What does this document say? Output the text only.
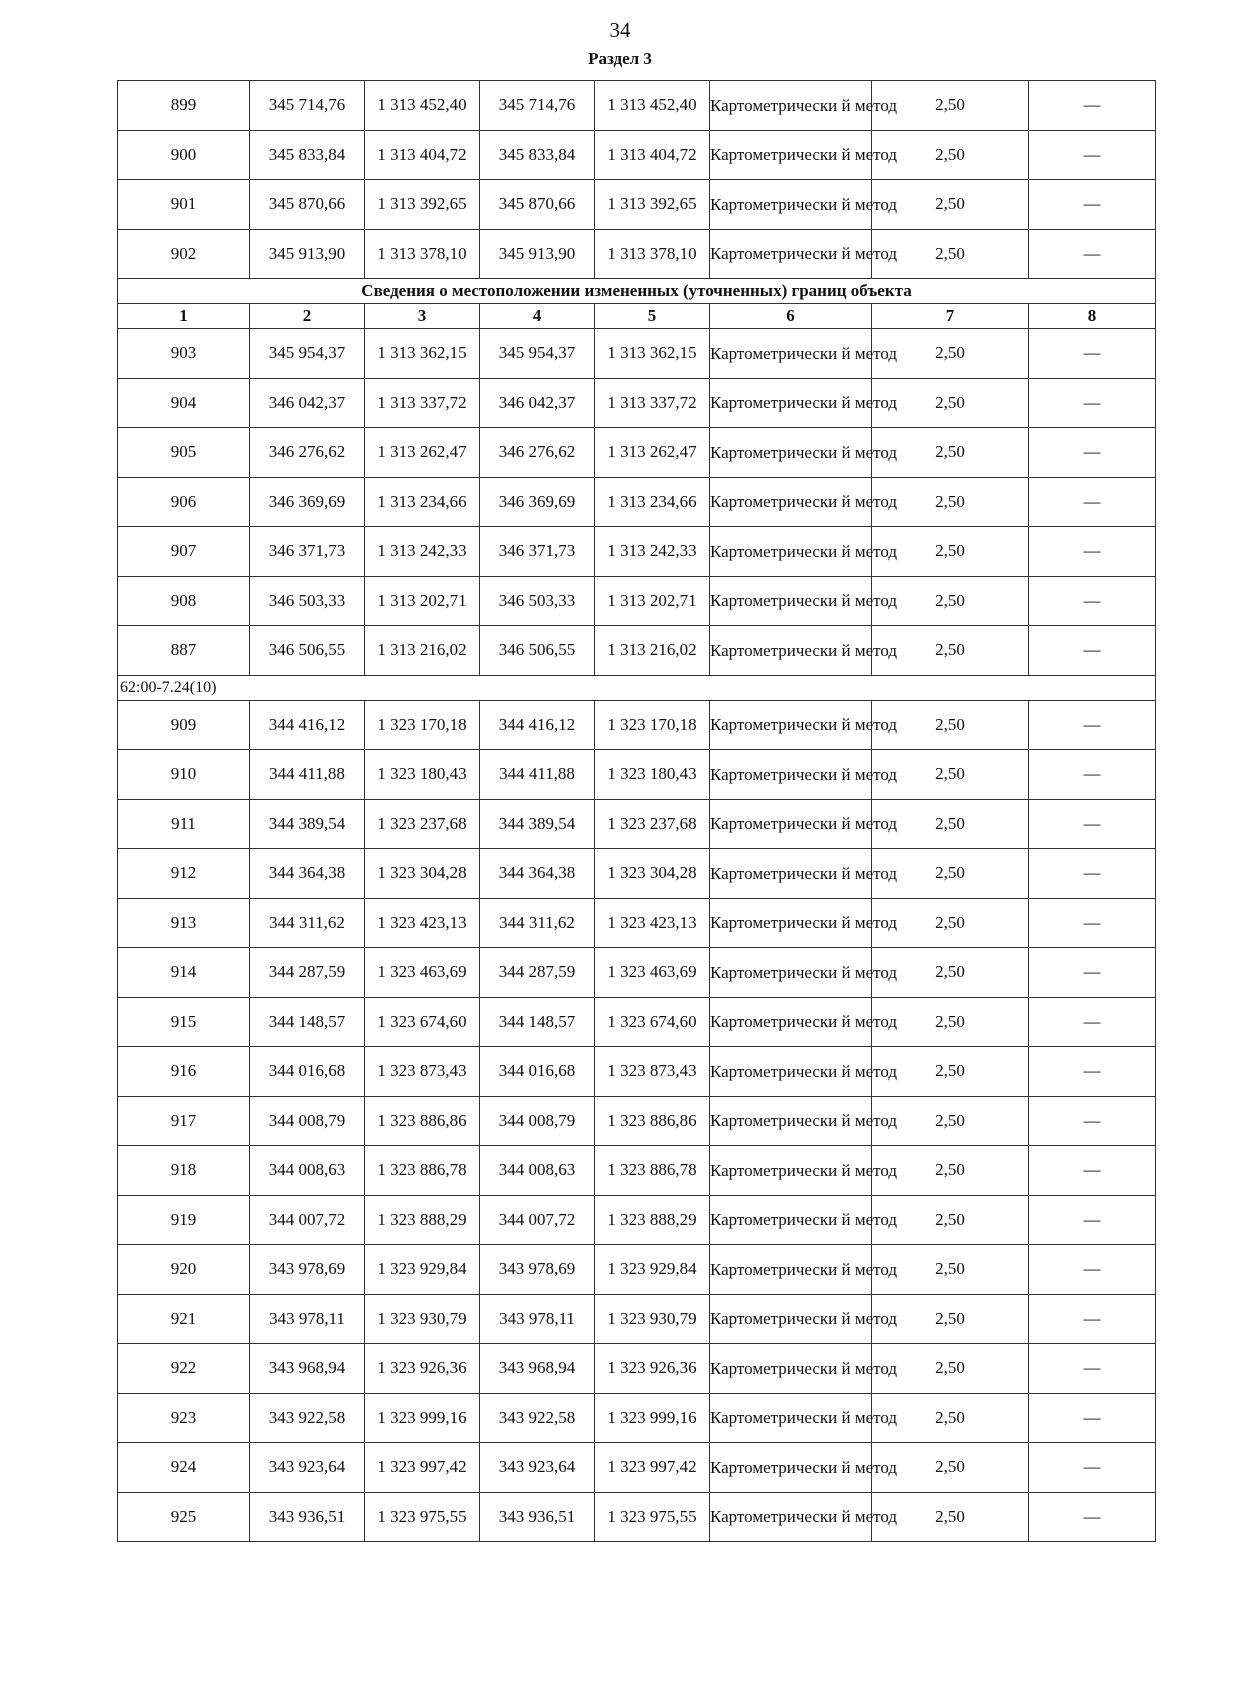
34
Раздел 3
899	345 714,76	1 313 452,40	345 714,76	1 313 452,40	Картометрически й метод	2,50	—
900	345 833,84	1 313 404,72	345 833,84	1 313 404,72	Картометрически й метод	2,50	—
901	345 870,66	1 313 392,65	345 870,66	1 313 392,65	Картометрически й метод	2,50	—
902	345 913,90	1 313 378,10	345 913,90	1 313 378,10	Картометрически й метод	2,50	—
Сведения о местоположении измененных (уточненных) границ объекта							
1	2	3	4	5	6	7	8
903	345 954,37	1 313 362,15	345 954,37	1 313 362,15	Картометрически й метод	2,50	—
904	346 042,37	1 313 337,72	346 042,37	1 313 337,72	Картометрически й метод	2,50	—
905	346 276,62	1 313 262,47	346 276,62	1 313 262,47	Картометрически й метод	2,50	—
906	346 369,69	1 313 234,66	346 369,69	1 313 234,66	Картометрически й метод	2,50	—
907	346 371,73	1 313 242,33	346 371,73	1 313 242,33	Картометрически й метод	2,50	—
908	346 503,33	1 313 202,71	346 503,33	1 313 202,71	Картометрически й метод	2,50	—
887	346 506,55	1 313 216,02	346 506,55	1 313 216,02	Картометрически й метод	2,50	—
62:00-7.24(10)							
909	344 416,12	1 323 170,18	344 416,12	1 323 170,18	Картометрически й метод	2,50	—
910	344 411,88	1 323 180,43	344 411,88	1 323 180,43	Картометрически й метод	2,50	—
911	344 389,54	1 323 237,68	344 389,54	1 323 237,68	Картометрически й метод	2,50	—
912	344 364,38	1 323 304,28	344 364,38	1 323 304,28	Картометрически й метод	2,50	—
913	344 311,62	1 323 423,13	344 311,62	1 323 423,13	Картометрически й метод	2,50	—
914	344 287,59	1 323 463,69	344 287,59	1 323 463,69	Картометрически й метод	2,50	—
915	344 148,57	1 323 674,60	344 148,57	1 323 674,60	Картометрически й метод	2,50	—
916	344 016,68	1 323 873,43	344 016,68	1 323 873,43	Картометрически й метод	2,50	—
917	344 008,79	1 323 886,86	344 008,79	1 323 886,86	Картометрически й метод	2,50	—
918	344 008,63	1 323 886,78	344 008,63	1 323 886,78	Картометрически й метод	2,50	—
919	344 007,72	1 323 888,29	344 007,72	1 323 888,29	Картометрически й метод	2,50	—
920	343 978,69	1 323 929,84	343 978,69	1 323 929,84	Картометрически й метод	2,50	—
921	343 978,11	1 323 930,79	343 978,11	1 323 930,79	Картометрически й метод	2,50	—
922	343 968,94	1 323 926,36	343 968,94	1 323 926,36	Картометрически й метод	2,50	—
923	343 922,58	1 323 999,16	343 922,58	1 323 999,16	Картометрически й метод	2,50	—
924	343 923,64	1 323 997,42	343 923,64	1 323 997,42	Картометрически й метод	2,50	—
925	343 936,51	1 323 975,55	343 936,51	1 323 975,55	Картометрически й метод	2,50	—
